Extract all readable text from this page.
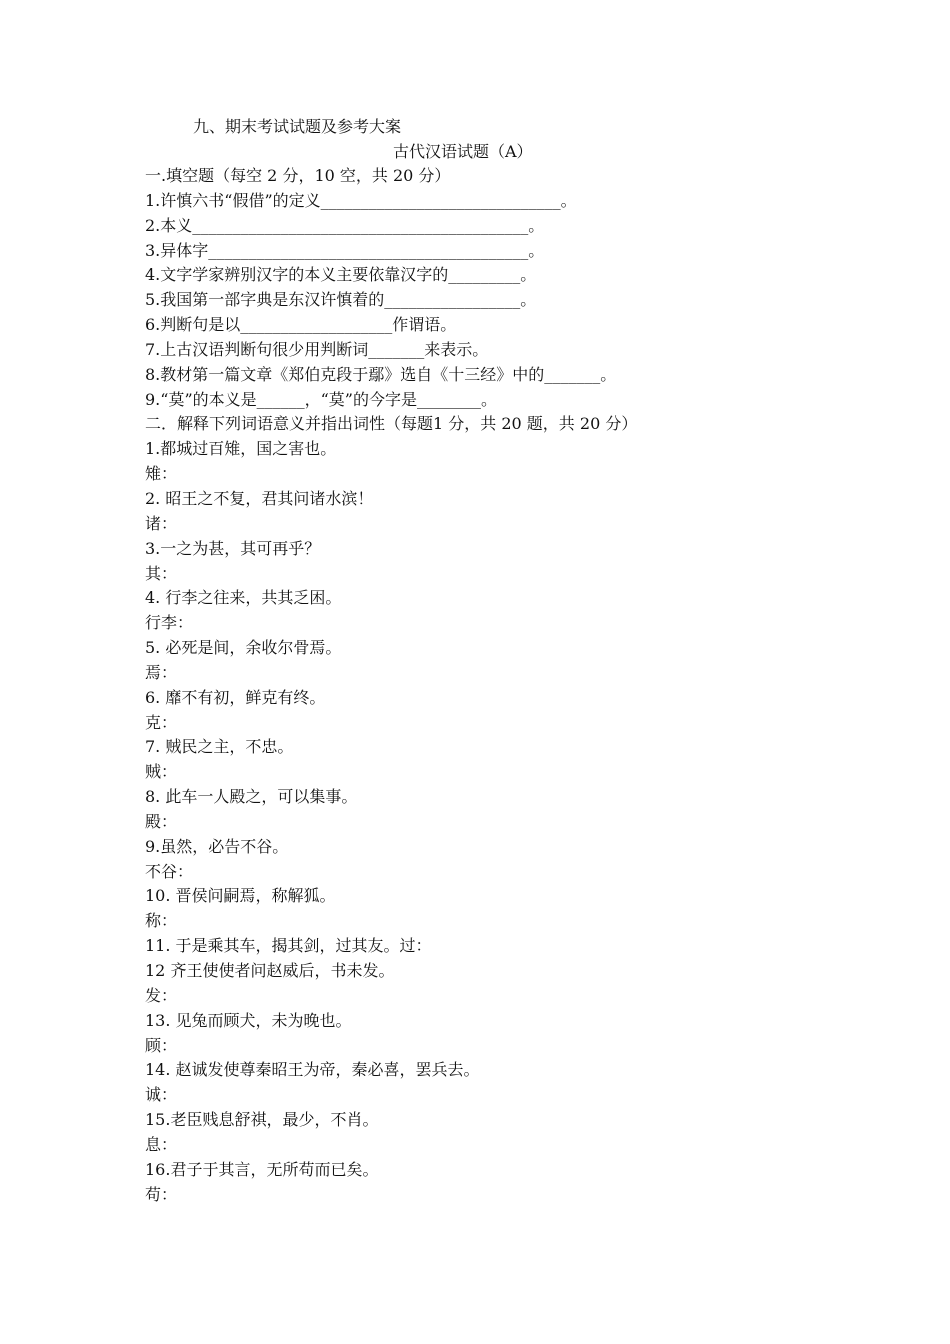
九、期末考试试题及参考大案
古代汉语试题（A）
一.填空题（每空 2 分，10 空，共 20 分）
1.许慎六书“假借”的定义______________________________。
2.本义__________________________________________。
3.异体字________________________________________。
4.文字学家辨别汉字的本义主要依靠汉字的_________。
5.我国第一部字典是东汉许慎着的_________________。
6.判断句是以___________________作谓语。
7.上古汉语判断句很少用判断词_______来表示。
8.教材第一篇文章《郑伯克段于鄢》选自《十三经》中的_______。
9.“莫”的本义是______，“莫”的今字是________。
二．解释下列词语意义并指出词性（每题1 分，共 20 题，共 20 分）
1.都城过百雉，国之害也。
雉：
2. 昭王之不复，君其问诸水滨！
诸：
3.一之为甚，其可再乎？
其：
4. 行李之往来，共其乏困。
行李：
5. 必死是间，余收尔骨焉。
焉：
6. 靡不有初，鲜克有终。
克：
7. 贼民之主，不忠。
贼：
8. 此车一人殿之，可以集事。
殿：
9.虽然，必告不谷。
不谷：
10. 晋侯问嗣焉，称解狐。
称：
11. 于是乘其车，揭其剑，过其友。过：
12 齐王使使者问赵威后，书未发。
发：
13. 见兔而顾犬，未为晚也。
顾：
14. 赵诚发使尊秦昭王为帝，秦必喜，罢兵去。
诚：
15.老臣贱息舒祺，最少，不肖。
息：
16.君子于其言，无所苟而已矣。
苟：
